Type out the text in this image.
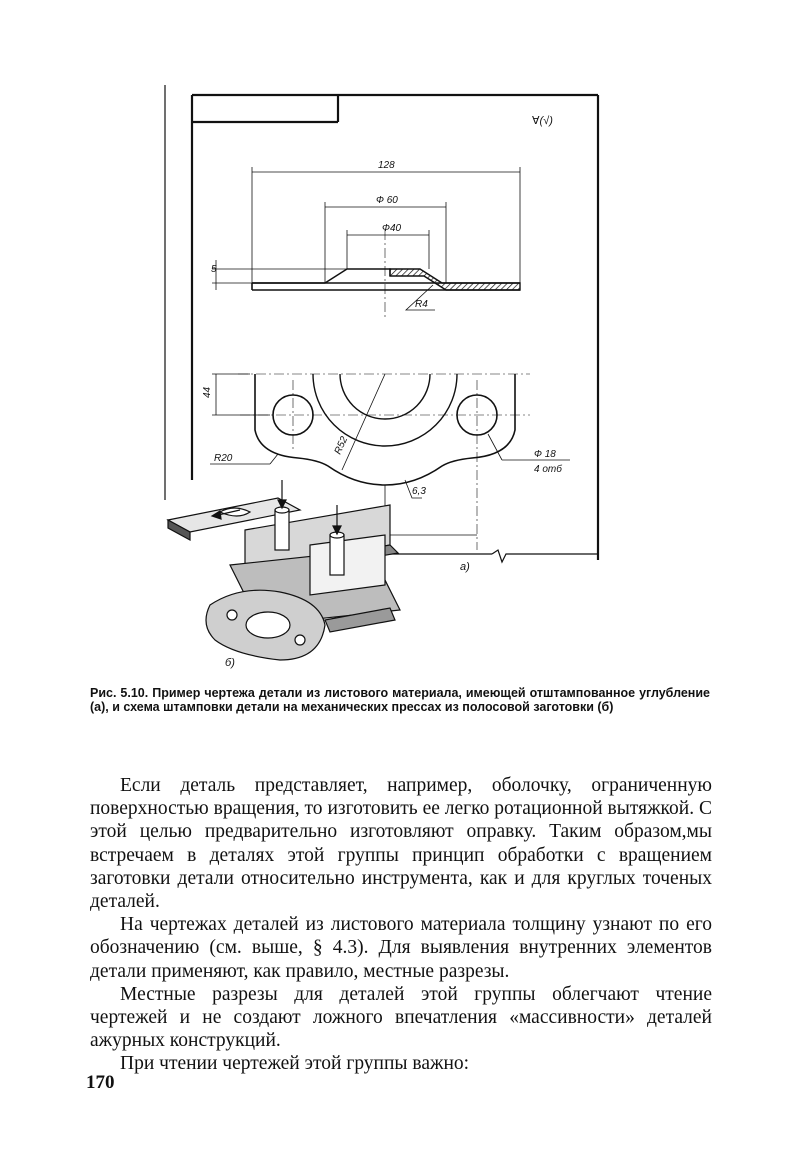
∀(√)
128
Ф 60
Ф40
5
R4
44
R52
R20	Ф 18
4 отб
6,3
а)
б)
Рис. 5.10. Пример чертежа детали из листового материала, имеющей отштампованное углубление (а), и схема штамповки детали на механических прессах из полосовой заготовки (б)

Если деталь представляет, например, оболочку, ограниченную поверхностью вращения, то изготовить ее легко ротационной вытяжкой. С этой целью предварительно изготовляют оправку. Таким образом,мы встречаем в деталях этой группы принцип обработки с вращением заготовки детали относительно инструмента, как и для круглых точеных деталей.

На чертежах деталей из листового материала толщину узнают по его обозначению (см. выше, § 4.3). Для выявления внутренних элементов детали применяют, как правило, местные разрезы.

Местные разрезы для деталей этой группы облегчают чтение чертежей и не создают ложного впечатления «массивности» деталей ажурных конструкций.

При чтении чертежей этой группы важно:

170
